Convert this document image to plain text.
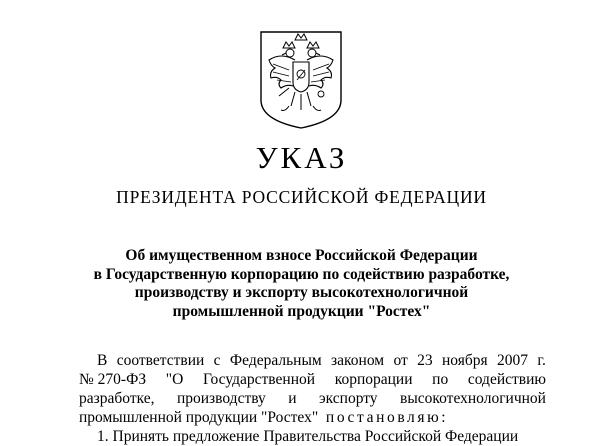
УКАЗ
ПРЕЗИДЕНТА РОССИЙСКОЙ ФЕДЕРАЦИИ
Об имущественном взносе Российской Федерации
в Государственную корпорацию по содействию разработке,
производству и экспорту высокотехнологичной
промышленной продукции "Ростех"
В соответствии с Федеральным законом от 23 ноября 2007 г.
№ 270-ФЗ "О Государственной корпорации по содействию
разработке, производству и экспорту высокотехнологичной
промышленной продукции "Ростех" постановляю:
1. Принять предложение Правительства Российской Федерации
